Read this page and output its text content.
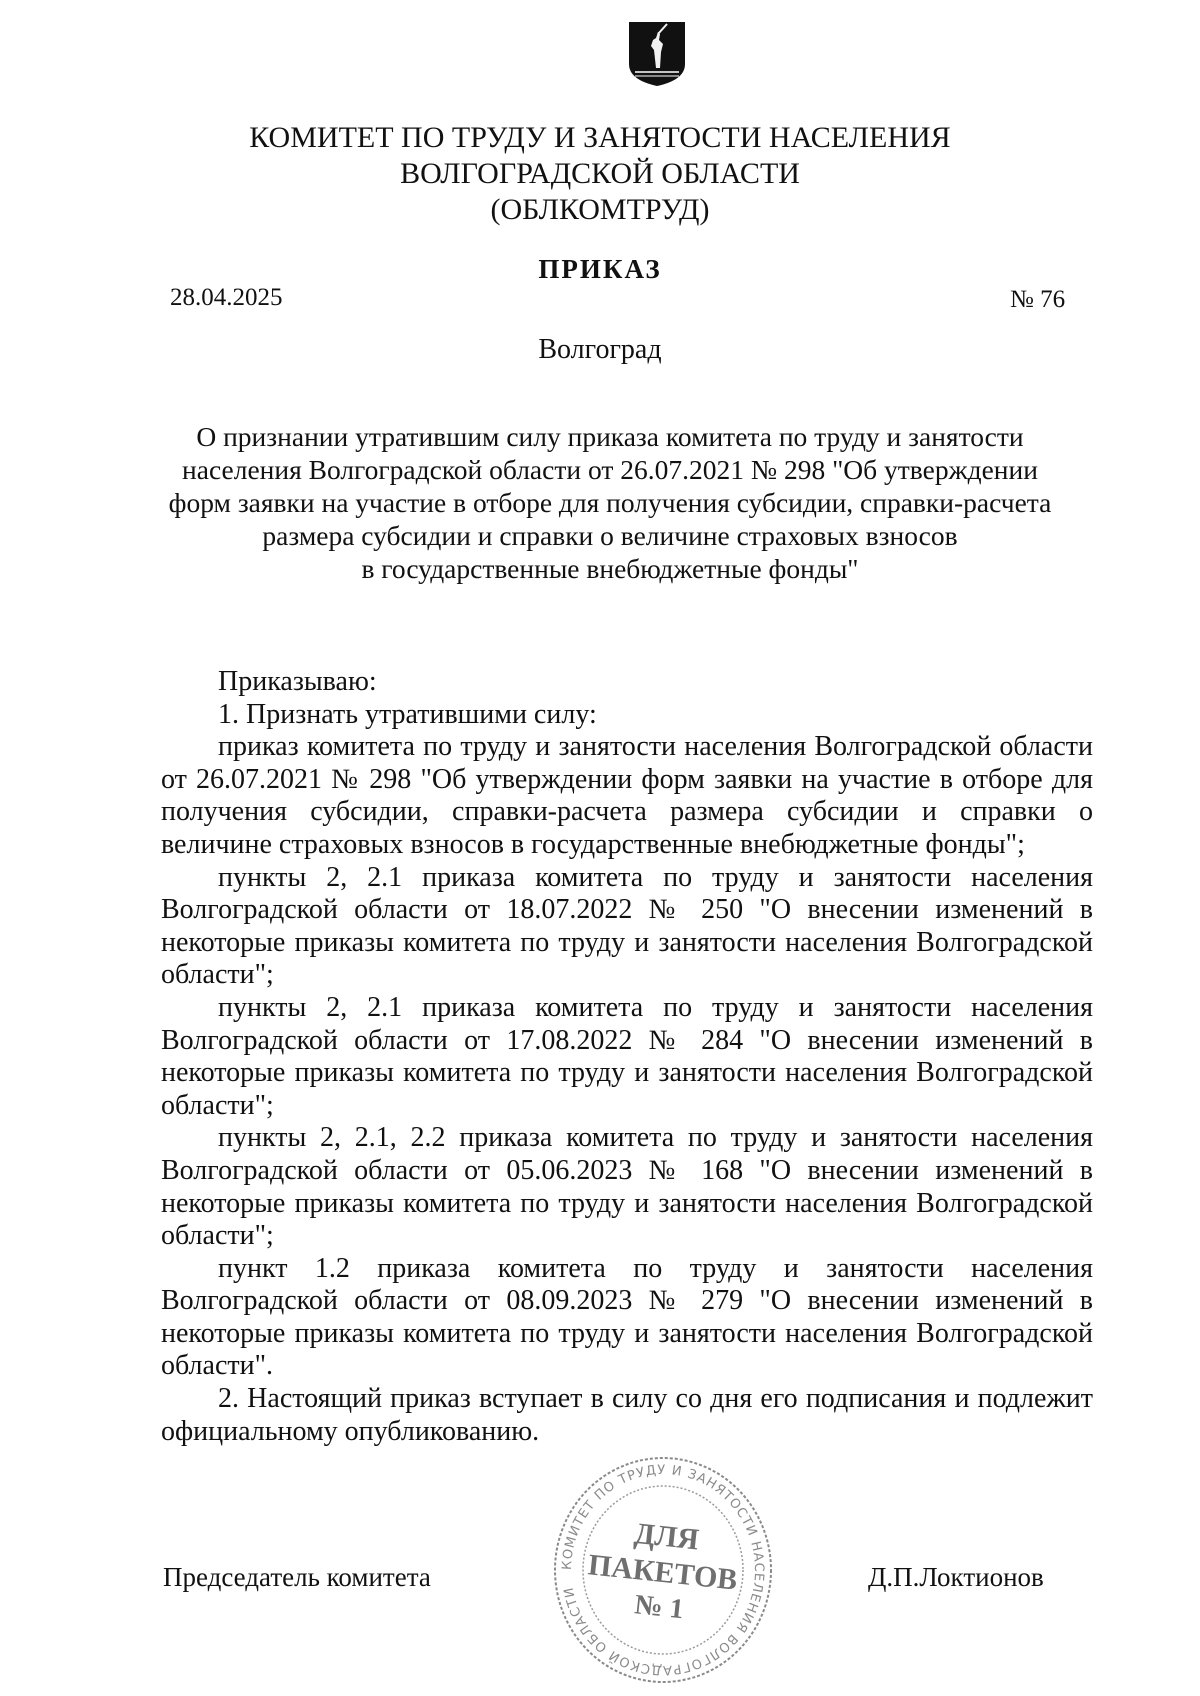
КОМИТЕТ ПО ТРУДУ И ЗАНЯТОСТИ НАСЕЛЕНИЯ
ВОЛГОГРАДСКОЙ ОБЛАСТИ
(ОБЛКОМТРУД)
ПРИКАЗ
28.04.2025	№ 76
Волгоград
О признании утратившим силу приказа комитета по труду и занятости
населения Волгоградской области от 26.07.2021 № 298 "Об утверждении
форм заявки на участие в отборе для получения субсидии, справки-расчета
размера субсидии и справки о величине страховых взносов
в государственные внебюджетные фонды"

Приказываю:

1. Признать утратившими силу:

приказ комитета по труду и занятости населения Волгоградской области от 26.07.2021 № 298 "Об утверждении форм заявки на участие в отборе для получения субсидии, справки-расчета размера субсидии и справки о величине страховых взносов в государственные внебюджетные фонды";

пункты 2, 2.1 приказа комитета по труду и занятости населения Волгоградской области от 18.07.2022 № 250 "О внесении изменений в некоторые приказы комитета по труду и занятости населения Волгоградской области";

пункты 2, 2.1 приказа комитета по труду и занятости населения Волгоградской области от 17.08.2022 № 284 "О внесении изменений в некоторые приказы комитета по труду и занятости населения Волгоградской области";

пункты 2, 2.1, 2.2 приказа комитета по труду и занятости населения Волгоградской области от 05.06.2023 № 168 "О внесении изменений в некоторые приказы комитета по труду и занятости населения Волгоградской области";

пункт 1.2 приказа комитета по труду и занятости населения Волгоградской области от 08.09.2023 № 279 "О внесении изменений в некоторые приказы комитета по труду и занятости населения Волгоградской области".

2. Настоящий приказ вступает в силу со дня его подписания и подлежит официальному опубликованию.

Председатель комитета	Д.П.Локтионов
КОМИТЕТ ПО ТРУДУ И ЗАНЯТОСТИ НАСЕЛЕНИЯ ВОЛГОГРАДСКОЙ ОБЛАСТИ
ДЛЯ
ПАКЕТОВ
№ 1
